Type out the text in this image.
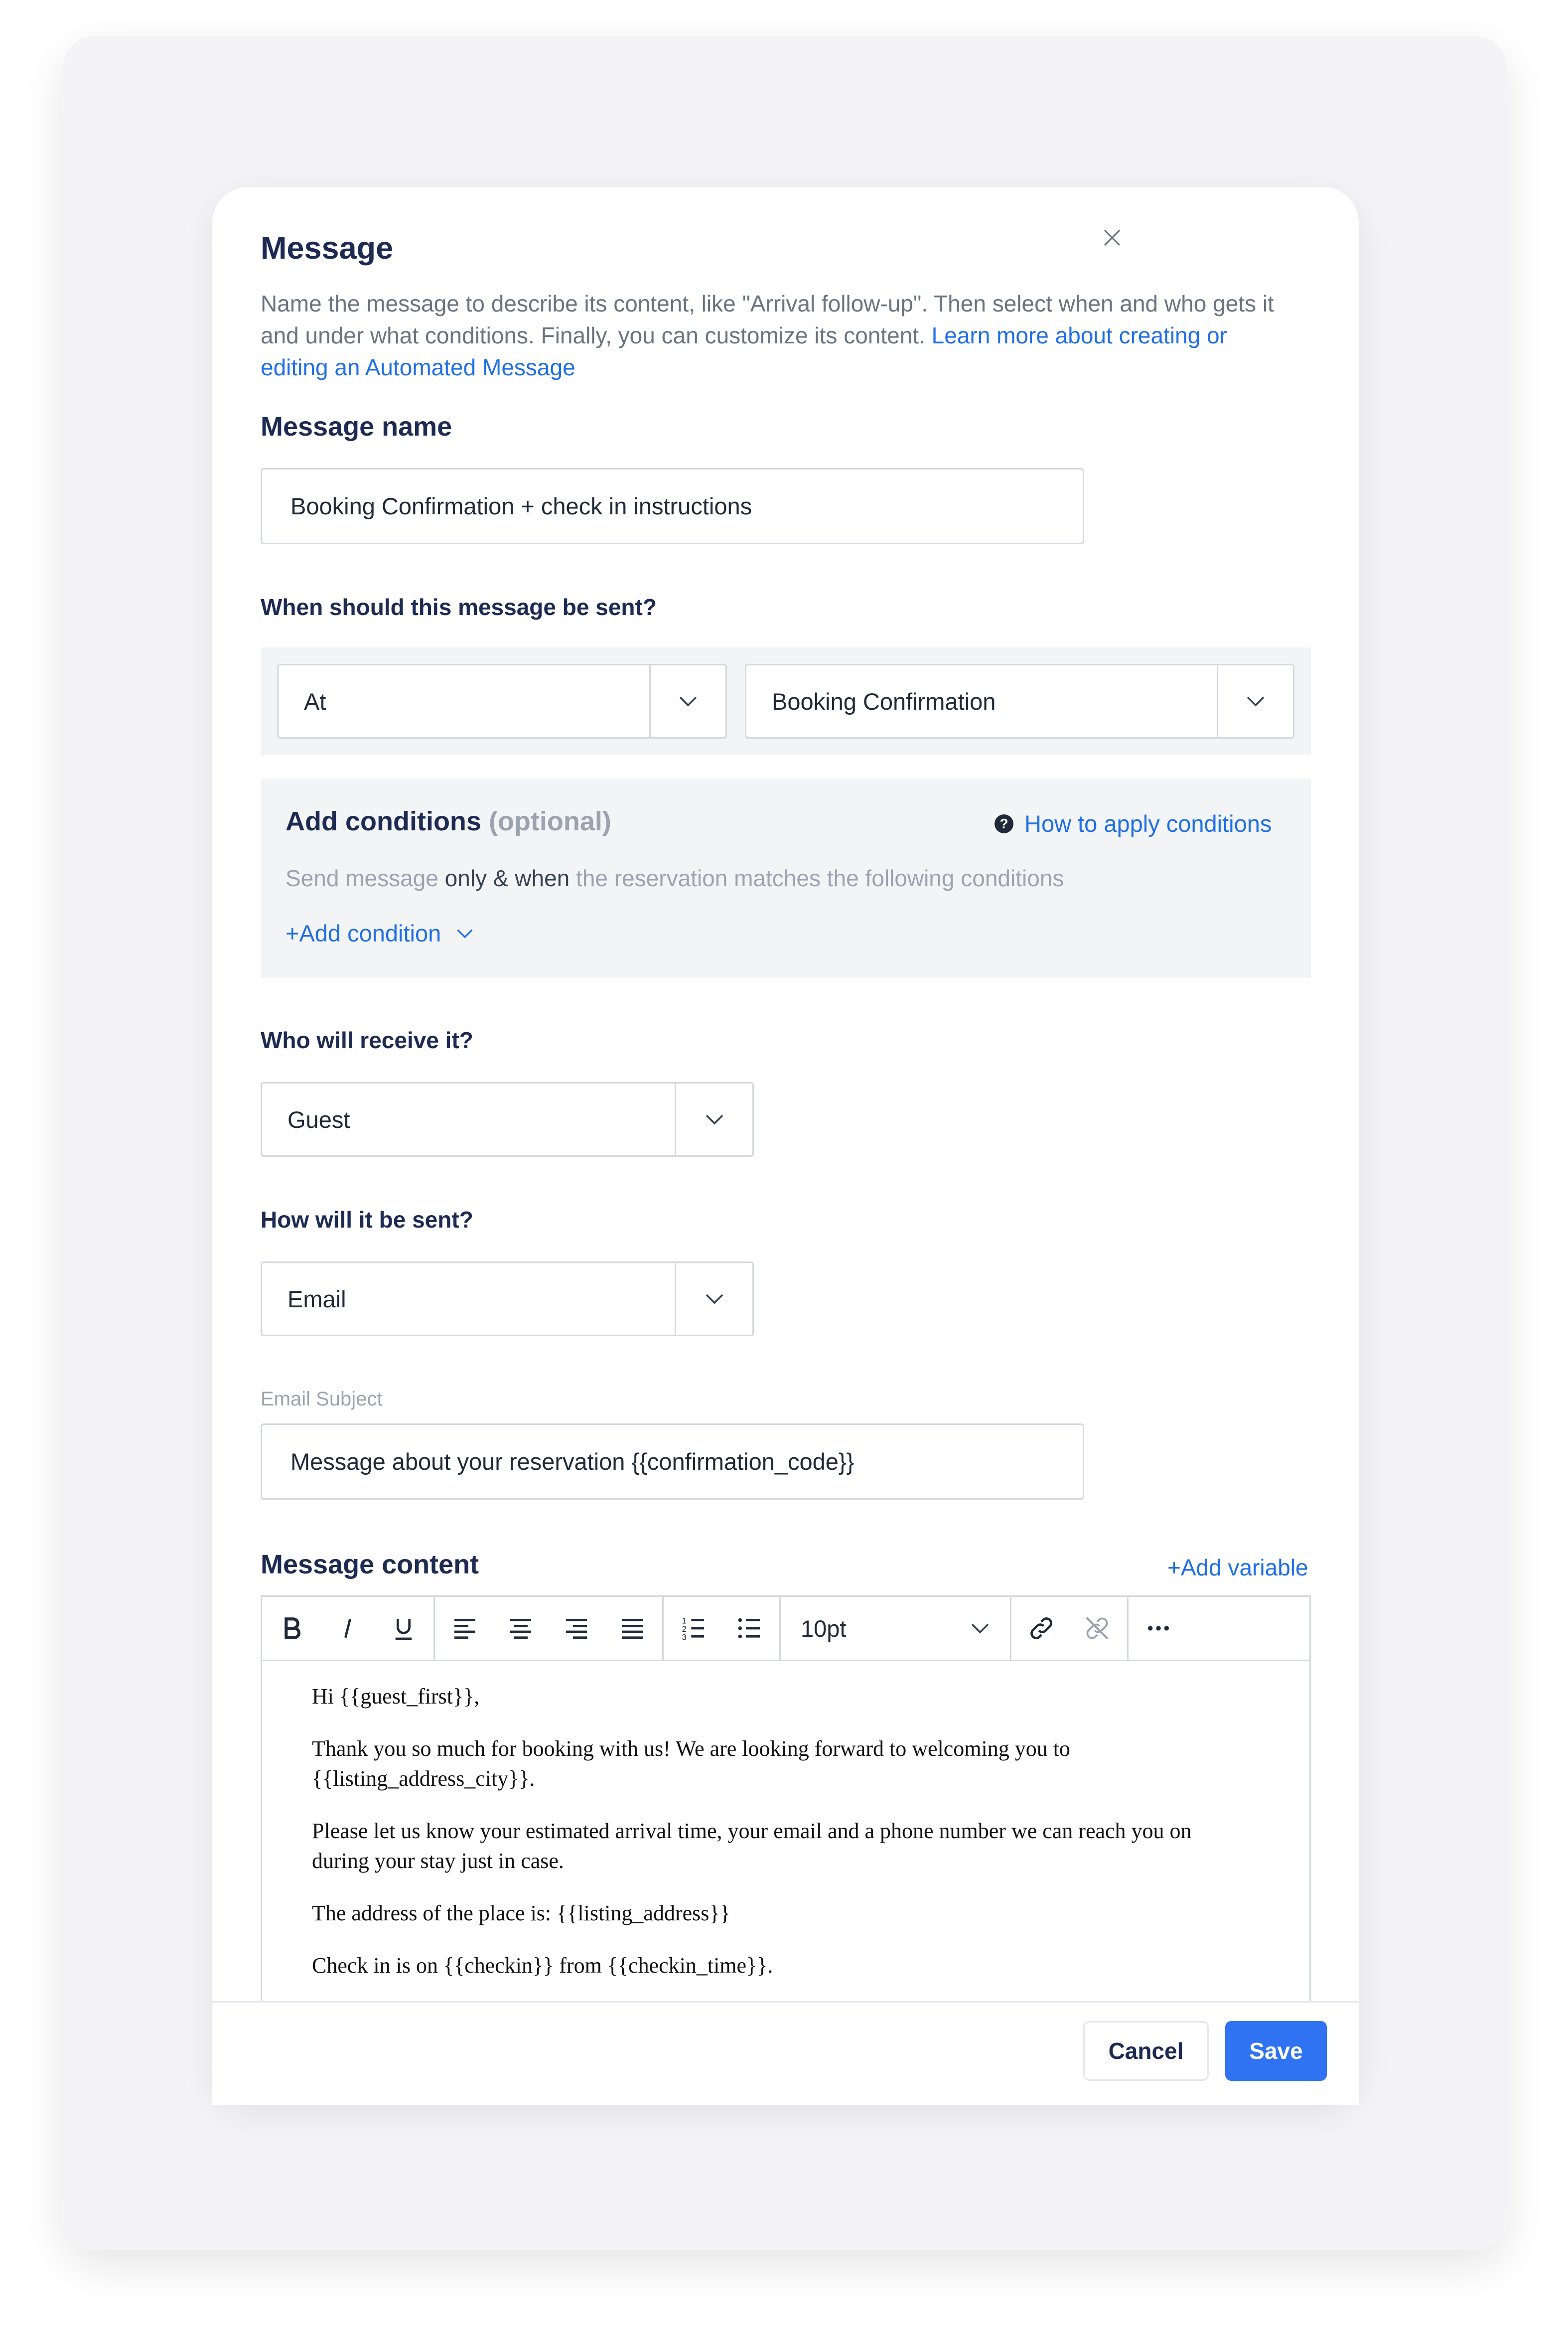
Message
Name the message to describe its content, like "Arrival follow-up". Then select when and who gets it and under what conditions. Finally, you can customize its content. Learn more about creating or editing an Automated Message
Message name
Booking Confirmation + check in instructions
When should this message be sent?
At	Booking Confirmation
Add conditions (optional)	? How to apply conditions
Send message only & when the reservation matches the following conditions
+Add condition
Who will receive it?
Guest
How will it be sent?
Email
Email Subject
Message about your reservation {{confirmation_code}}
Message content	+Add variable
1
2
3	10pt

Hi {{guest_first}},

Thank you so much for booking with us! We are looking forward to welcoming you to {{listing_address_city}}.

Please let us know your estimated arrival time, your email and a phone number we can reach you on during your stay just in case.

The address of the place is: {{listing_address}}

Check in is on {{checkin}} from {{checkin_time}}.

Cancel	Save
